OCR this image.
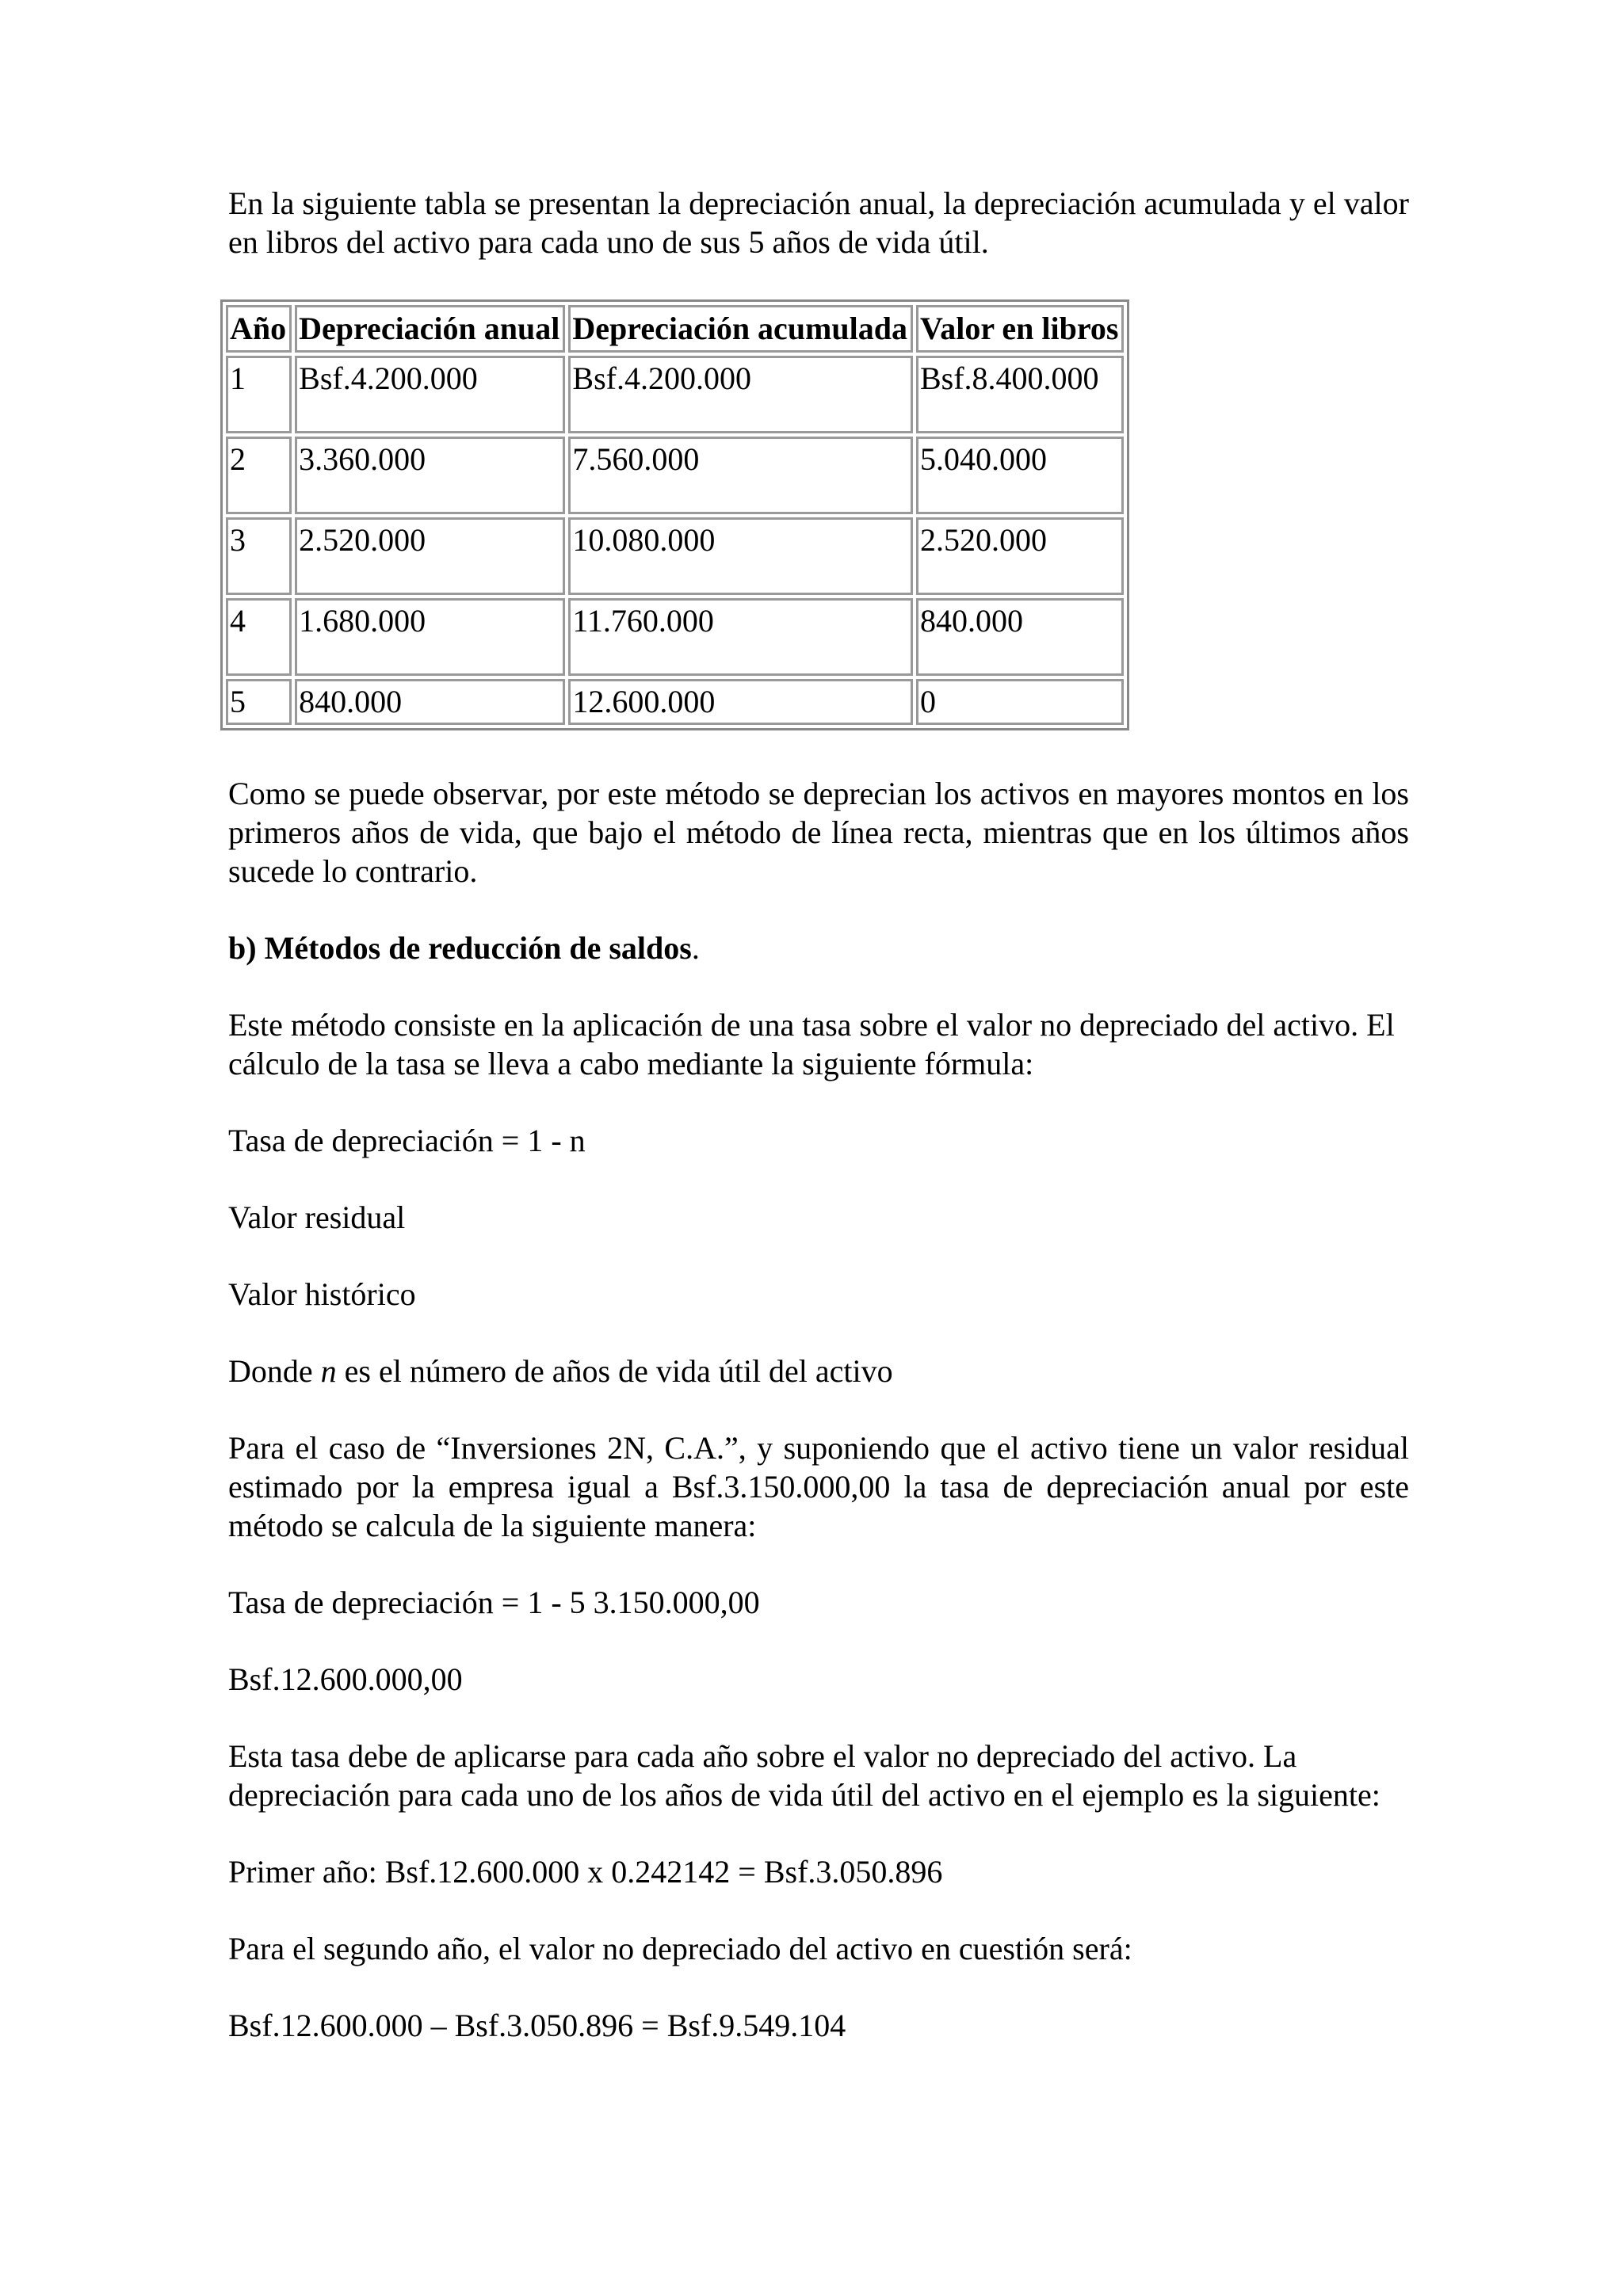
En la siguiente tabla se presentan la depreciación anual, la depreciación acumulada y el valor en libros del activo para cada uno de sus 5 años de vida útil.

Año	Depreciación anual	Depreciación acumulada	Valor en libros
1	Bsf.4.200.000	Bsf.4.200.000	Bsf.8.400.000
2	3.360.000	7.560.000	5.040.000
3	2.520.000	10.080.000	2.520.000
4	1.680.000	11.760.000	840.000
5	840.000	12.600.000	0

Como se puede observar, por este método se deprecian los activos en mayores montos en los primeros años de vida, que bajo el método de línea recta, mientras que en los últimos años sucede lo contrario.

b) Métodos de reducción de saldos.

Este método consiste en la aplicación de una tasa sobre el valor no depreciado del activo. El cálculo de la tasa se lleva a cabo mediante la siguiente fórmula:

Tasa de depreciación = 1 - n

Valor residual

Valor histórico

Donde n es el número de años de vida útil del activo

Para el caso de “Inversiones 2N, C.A.”, y suponiendo que el activo tiene un valor residual estimado por la empresa igual a Bsf.3.150.000,00 la tasa de depreciación anual por este método se calcula de la siguiente manera:

Tasa de depreciación = 1 - 5 3.150.000,00

Bsf.12.600.000,00

Esta tasa debe de aplicarse para cada año sobre el valor no depreciado del activo. La depreciación para cada uno de los años de vida útil del activo en el ejemplo es la siguiente:

Primer año: Bsf.12.600.000 x 0.242142 = Bsf.3.050.896

Para el segundo año, el valor no depreciado del activo en cuestión será:

Bsf.12.600.000 – Bsf.3.050.896 = Bsf.9.549.104
